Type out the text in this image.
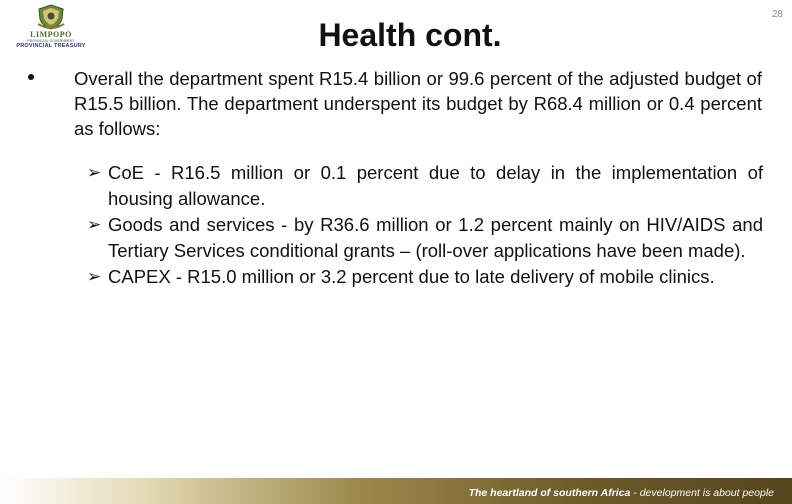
LIMPOPO
PROVINCIAL GOVERNMENT
PROVINCIAL TREASURY
28
Health cont.
Overall the department spent R15.4 billion or 99.6 percent of the adjusted budget of R15.5 billion. The department underspent its budget by R68.4 million or 0.4 percent as follows:
➢ CoE - R16.5 million or 0.1 percent due to delay in the implementation of housing allowance.
➢ Goods and services - by R36.6 million or 1.2 percent mainly on HIV/AIDS and Tertiary Services conditional grants – (roll-over applications have been made).
➢ CAPEX - R15.0 million or 3.2 percent due to late delivery of mobile clinics.
The heartland of southern Africa - development is about people
